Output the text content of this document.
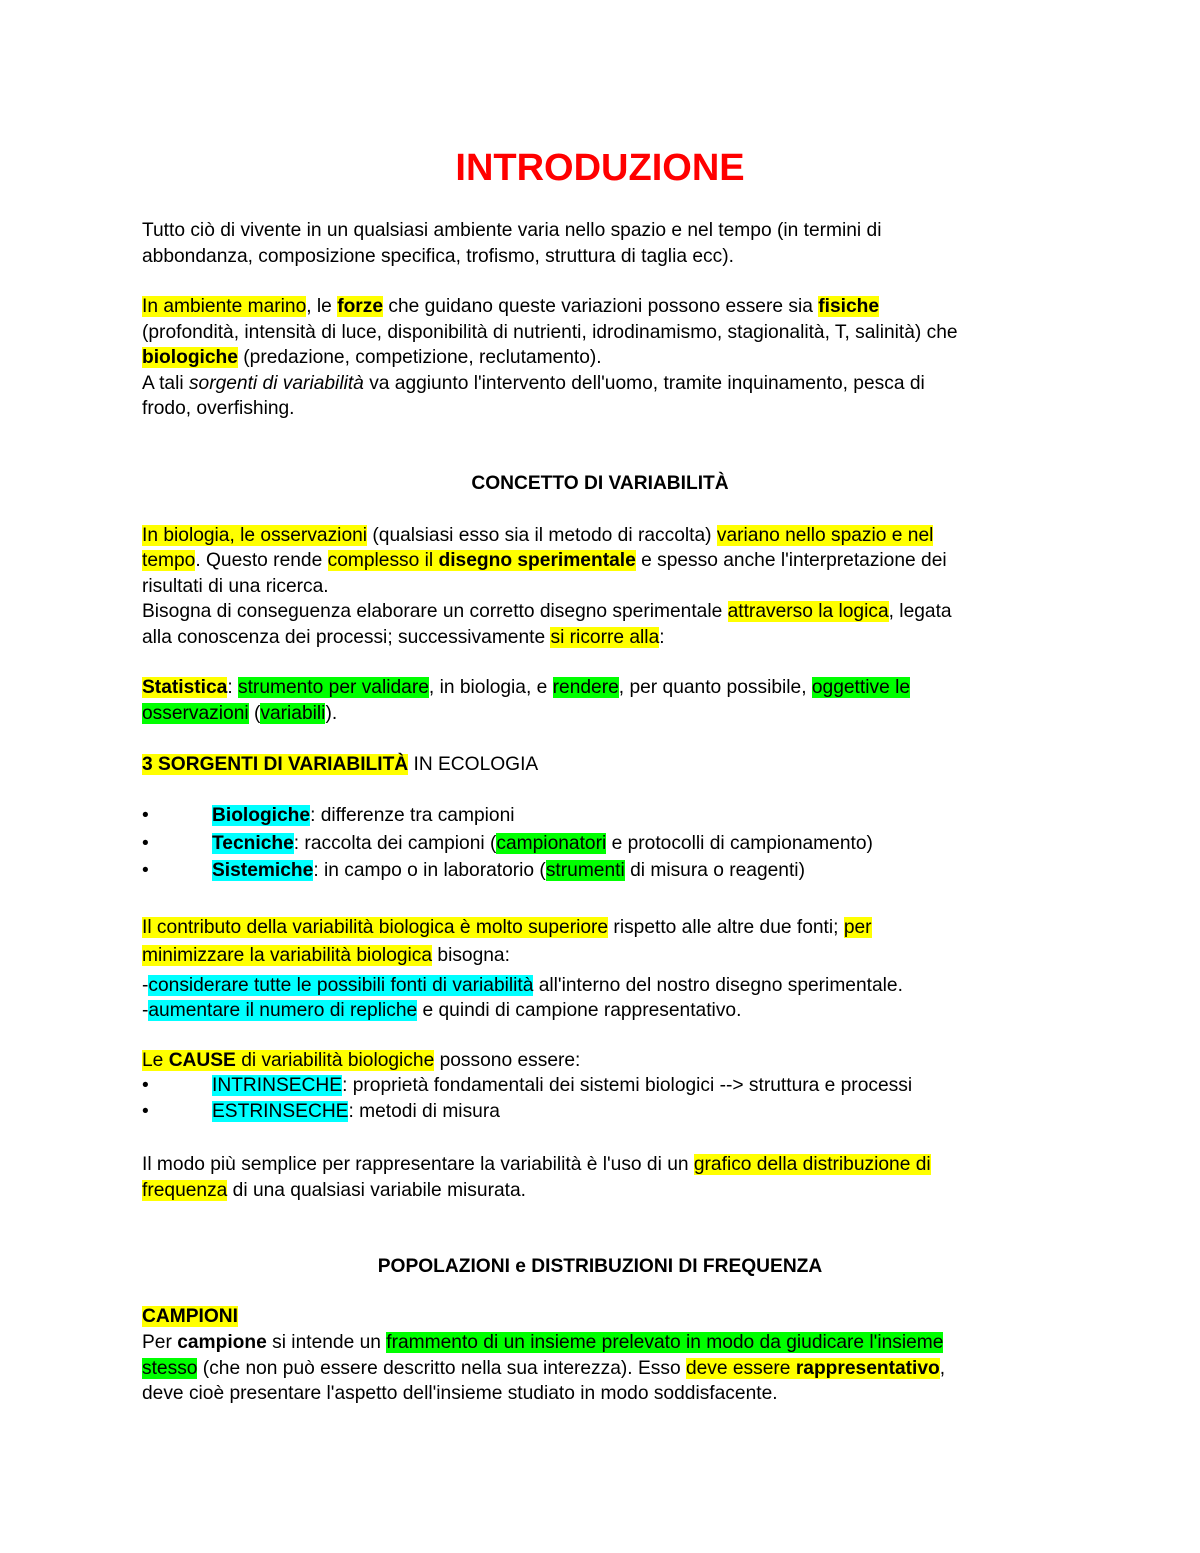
INTRODUZIONE

Tutto ciò di vivente in un qualsiasi ambiente varia nello spazio e nel tempo (in termini di

abbondanza, composizione specifica, trofismo, struttura di taglia ecc).

In ambiente marino, le forze che guidano queste variazioni possono essere sia fisiche

(profondità, intensità di luce, disponibilità di nutrienti, idrodinamismo, stagionalità, T, salinità) che

biologiche (predazione, competizione, reclutamento).

A tali sorgenti di variabilità va aggiunto l'intervento dell'uomo, tramite inquinamento, pesca di

frodo, overfishing.

CONCETTO DI VARIABILITÀ

In biologia, le osservazioni (qualsiasi esso sia il metodo di raccolta) variano nello spazio e nel

tempo. Questo rende complesso il disegno sperimentale e spesso anche l'interpretazione dei

risultati di una ricerca.

Bisogna di conseguenza elaborare un corretto disegno sperimentale attraverso la logica, legata

alla conoscenza dei processi; successivamente si ricorre alla:

Statistica: strumento per validare, in biologia, e rendere, per quanto possibile, oggettive le

osservazioni (variabili).

3 SORGENTI DI VARIABILITÀ IN ECOLOGIA

•	Biologiche: differenze tra campioni
•	Tecniche: raccolta dei campioni (campionatori e protocolli di campionamento)
•	Sistemiche: in campo o in laboratorio (strumenti di misura o reagenti)

Il contributo della variabilità biologica è molto superiore rispetto alle altre due fonti; per

minimizzare la variabilità biologica bisogna:

-considerare tutte le possibili fonti di variabilità all'interno del nostro disegno sperimentale.

-aumentare il numero di repliche e quindi di campione rappresentativo.

Le CAUSE di variabilità biologiche possono essere:

•	INTRINSECHE: proprietà fondamentali dei sistemi biologici --> struttura e processi
•	ESTRINSECHE: metodi di misura

Il modo più semplice per rappresentare la variabilità è l'uso di un grafico della distribuzione di

frequenza di una qualsiasi variabile misurata.

POPOLAZIONI e DISTRIBUZIONI DI FREQUENZA

CAMPIONI

Per campione si intende un frammento di un insieme prelevato in modo da giudicare l'insieme

stesso (che non può essere descritto nella sua interezza). Esso deve essere rappresentativo,

deve cioè presentare l'aspetto dell'insieme studiato in modo soddisfacente.
